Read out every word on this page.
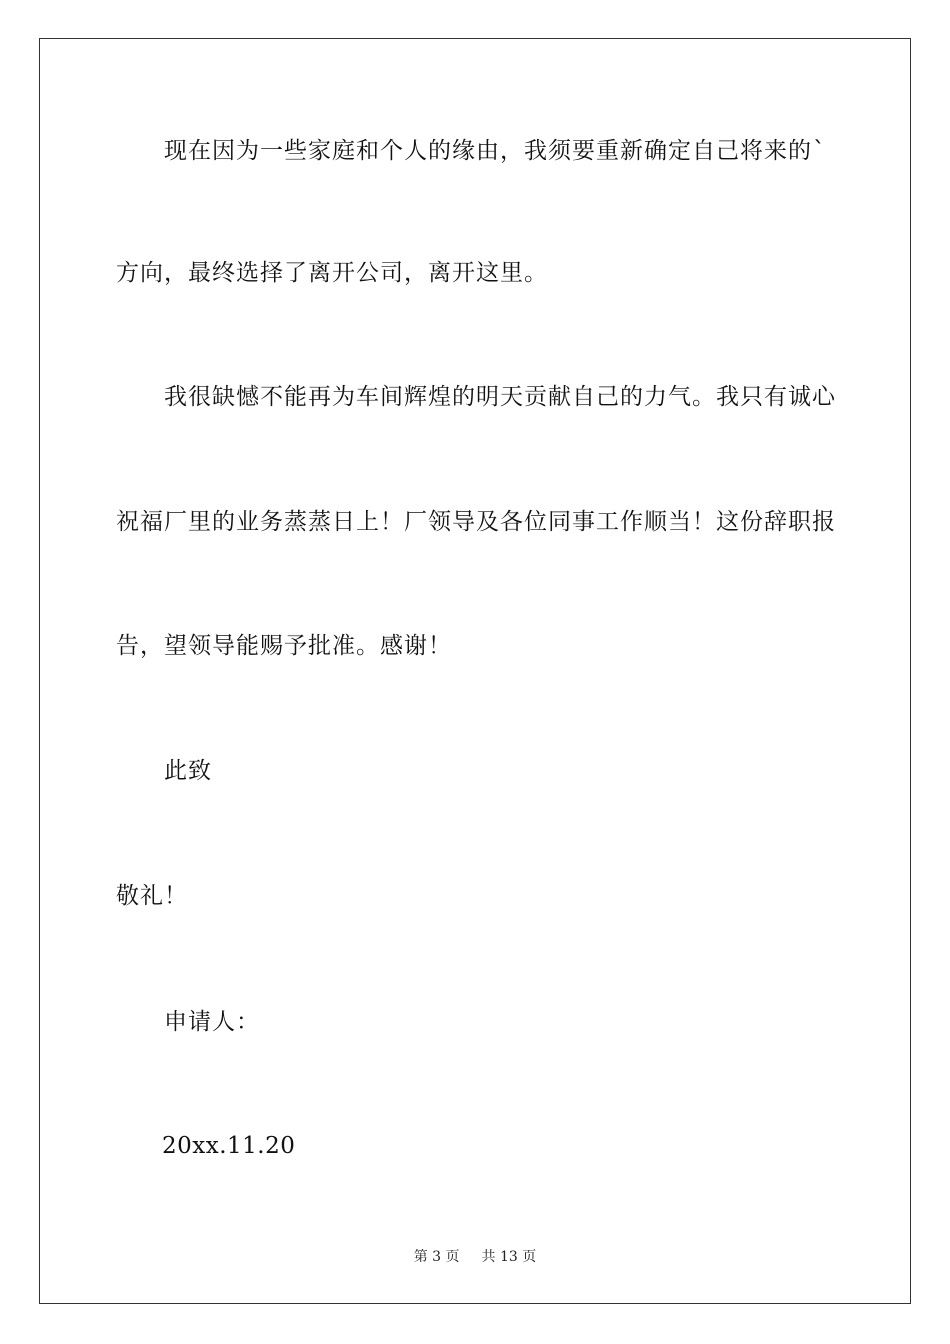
现在因为一些家庭和个人的缘由，我须要重新确定自己将来的`
方向，最终选择了离开公司，离开这里。
我很缺憾不能再为车间辉煌的明天贡献自己的力气。我只有诚心
祝福厂里的业务蒸蒸日上！厂领导及各位同事工作顺当！这份辞职报
告，望领导能赐予批准。感谢！
此致
敬礼！
申请人：
20xx.11.20
第 3 页 共 13 页
